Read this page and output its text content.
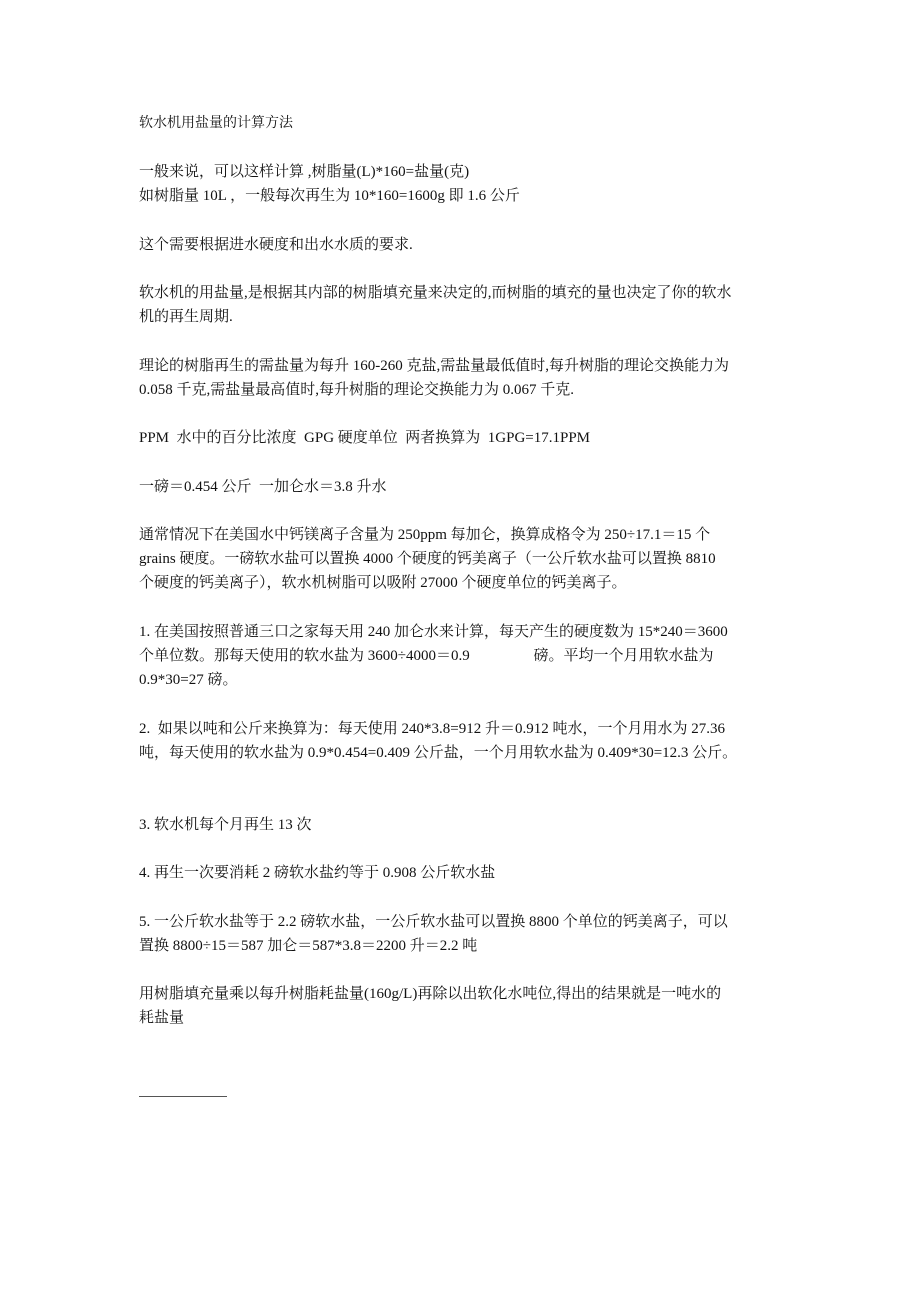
软水机用盐量的计算方法
一般来说，可以这样计算 ,树脂量(L)*160=盐量(克)
如树脂量 10L ，一般每次再生为 10*160=1600g 即 1.6 公斤
这个需要根据进水硬度和出水水质的要求.
软水机的用盐量,是根据其内部的树脂填充量来决定的,而树脂的填充的量也决定了你的软水
机的再生周期.
理论的树脂再生的需盐量为每升 160-260 克盐,需盐量最低值时,每升树脂的理论交换能力为
0.058 千克,需盐量最高值时,每升树脂的理论交换能力为 0.067 千克.
PPM  水中的百分比浓度  GPG 硬度单位  两者换算为  1GPG=17.1PPM
一磅＝0.454 公斤  一加仑水＝3.8 升水
通常情况下在美国水中钙镁离子含量为 250ppm 每加仑，换算成格令为 250÷17.1＝15 个
grains 硬度。一磅软水盐可以置换 4000 个硬度的钙美离子（一公斤软水盐可以置换 8810
个硬度的钙美离子），软水机树脂可以吸附 27000 个硬度单位的钙美离子。
1. 在美国按照普通三口之家每天用 240 加仑水来计算，每天产生的硬度数为 15*240＝3600
个单位数。那每天使用的软水盐为 3600÷4000＝0.9                 磅。平均一个月用软水盐为
0.9*30=27 磅。
2.  如果以吨和公斤来换算为：每天使用 240*3.8=912 升＝0.912 吨水，一个月用水为 27.36
吨，每天使用的软水盐为 0.9*0.454=0.409 公斤盐，一个月用软水盐为 0.409*30=12.3 公斤。
3. 软水机每个月再生 13 次
4. 再生一次要消耗 2 磅软水盐约等于 0.908 公斤软水盐
5. 一公斤软水盐等于 2.2 磅软水盐，一公斤软水盐可以置换 8800 个单位的钙美离子，可以
置换 8800÷15＝587 加仑＝587*3.8＝2200 升＝2.2 吨
用树脂填充量乘以每升树脂耗盐量(160g/L)再除以出软化水吨位,得出的结果就是一吨水的
耗盐量
